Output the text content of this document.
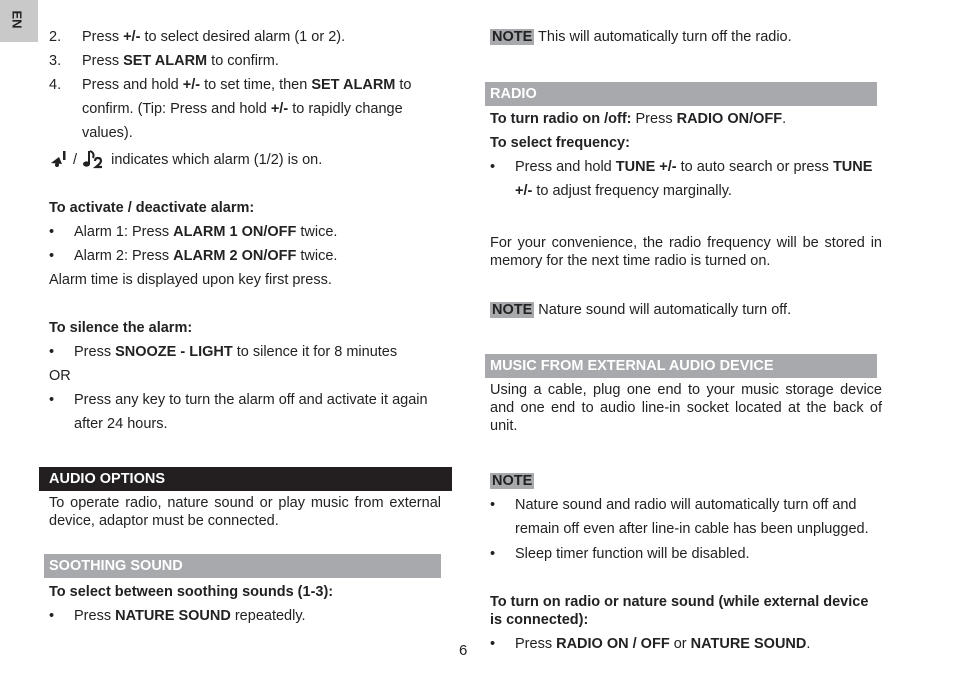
EN
2.	Press +/- to select desired alarm (1 or 2).
3.	Press SET ALARM to confirm.
4.	Press and hold +/- to set time, then SET ALARM to confirm. (Tip: Press and hold +/- to rapidly change values).
/ indicates which alarm (1/2) is on.
To activate / deactivate alarm:
•	Alarm 1: Press ALARM 1 ON/OFF twice.
•	Alarm 2: Press ALARM 2 ON/OFF twice.
Alarm time is displayed upon key first press.
To silence the alarm:
•	Press SNOOZE - LIGHT to silence it for 8 minutes
OR
•	Press any key to turn the alarm off and activate it again after 24 hours.
AUDIO OPTIONS
To operate radio, nature sound or play music from external device, adaptor must be connected.
SOOTHING SOUND
To select between soothing sounds (1-3):
•	Press NATURE SOUND repeatedly.
NOTE This will automatically turn off the radio.
RADIO
To turn radio on /off: Press RADIO ON/OFF.
To select frequency:
•	Press and hold TUNE +/- to auto search or press TUNE +/- to adjust frequency marginally.
For your convenience, the radio frequency will be stored in memory for the next time radio is turned on.
NOTE Nature sound will automatically turn off.
MUSIC FROM EXTERNAL AUDIO DEVICE
Using a cable, plug one end to your music storage device and one end to audio line-in socket located at the back of unit.
NOTE
•	Nature sound and radio will automatically turn off and remain off even after line-in cable has been unplugged.
•	Sleep timer function will be disabled.
To turn on radio or nature sound (while external device is connected):
•	Press RADIO ON / OFF or NATURE SOUND.
6
